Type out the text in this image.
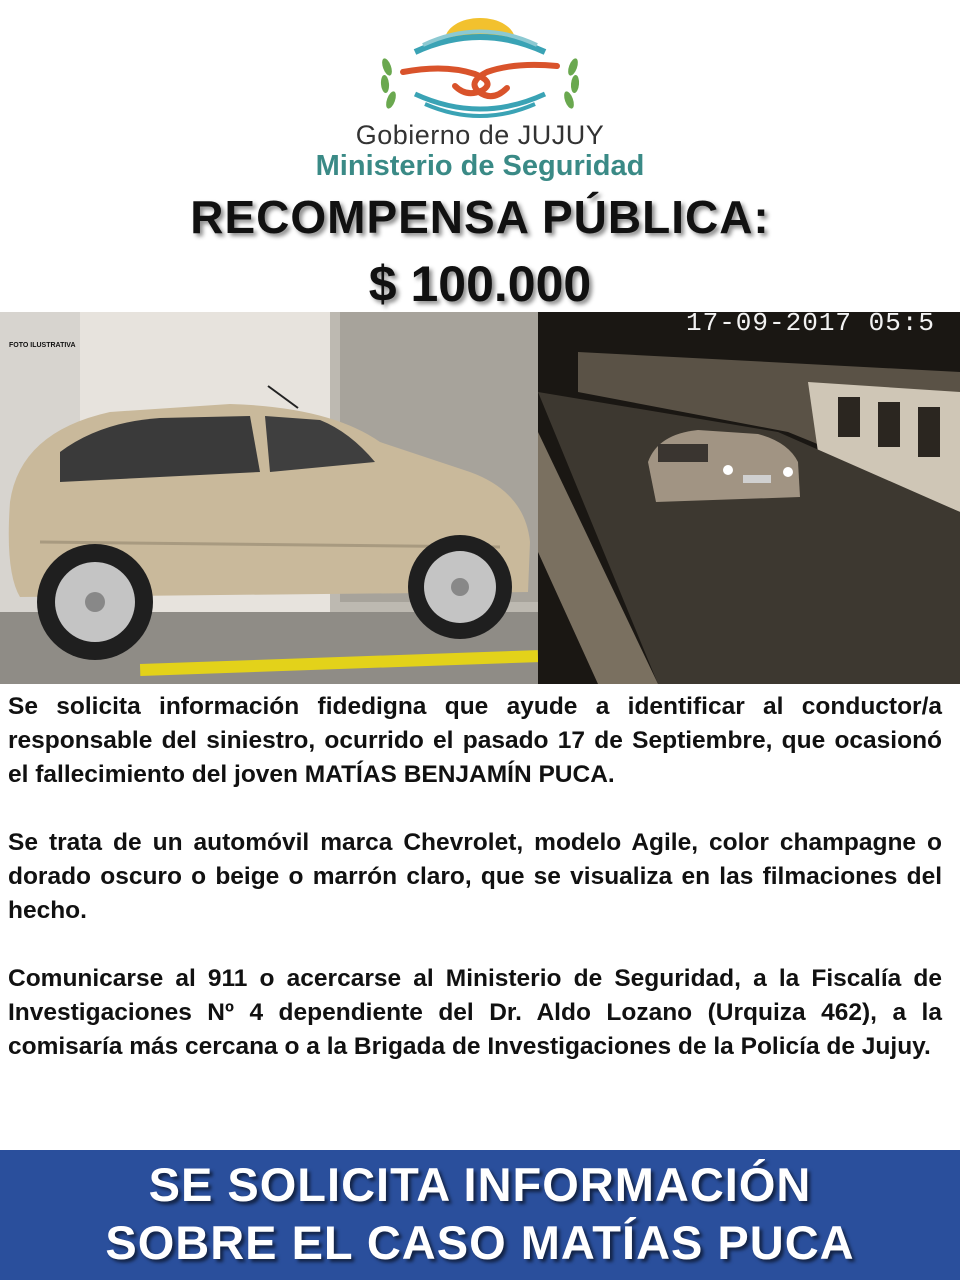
Gobierno de JUJUY
Ministerio de Seguridad
RECOMPENSA PÚBLICA:
$ 100.000
FOTO ILUSTRATIVA
17-09-2017 05:5

Se solicita información fidedigna que ayude a identificar al conductor/a responsable del siniestro, ocurrido el pasado 17 de Septiembre, que ocasionó el fallecimiento del joven MATÍAS BENJAMÍN PUCA.

Se trata de un automóvil marca Chevrolet, modelo Agile, color champagne o dorado oscuro o beige o marrón claro, que se visualiza en las filmaciones del hecho.

Comunicarse al 911 o acercarse al Ministerio de Seguridad, a la Fiscalía de Investigaciones Nº 4 dependiente del Dr. Aldo Lozano (Urquiza 462), a la comisaría más cercana o a la Brigada de Investigaciones de la Policía de Jujuy.

SE SOLICITA INFORMACIÓN
SOBRE EL CASO MATÍAS PUCA
